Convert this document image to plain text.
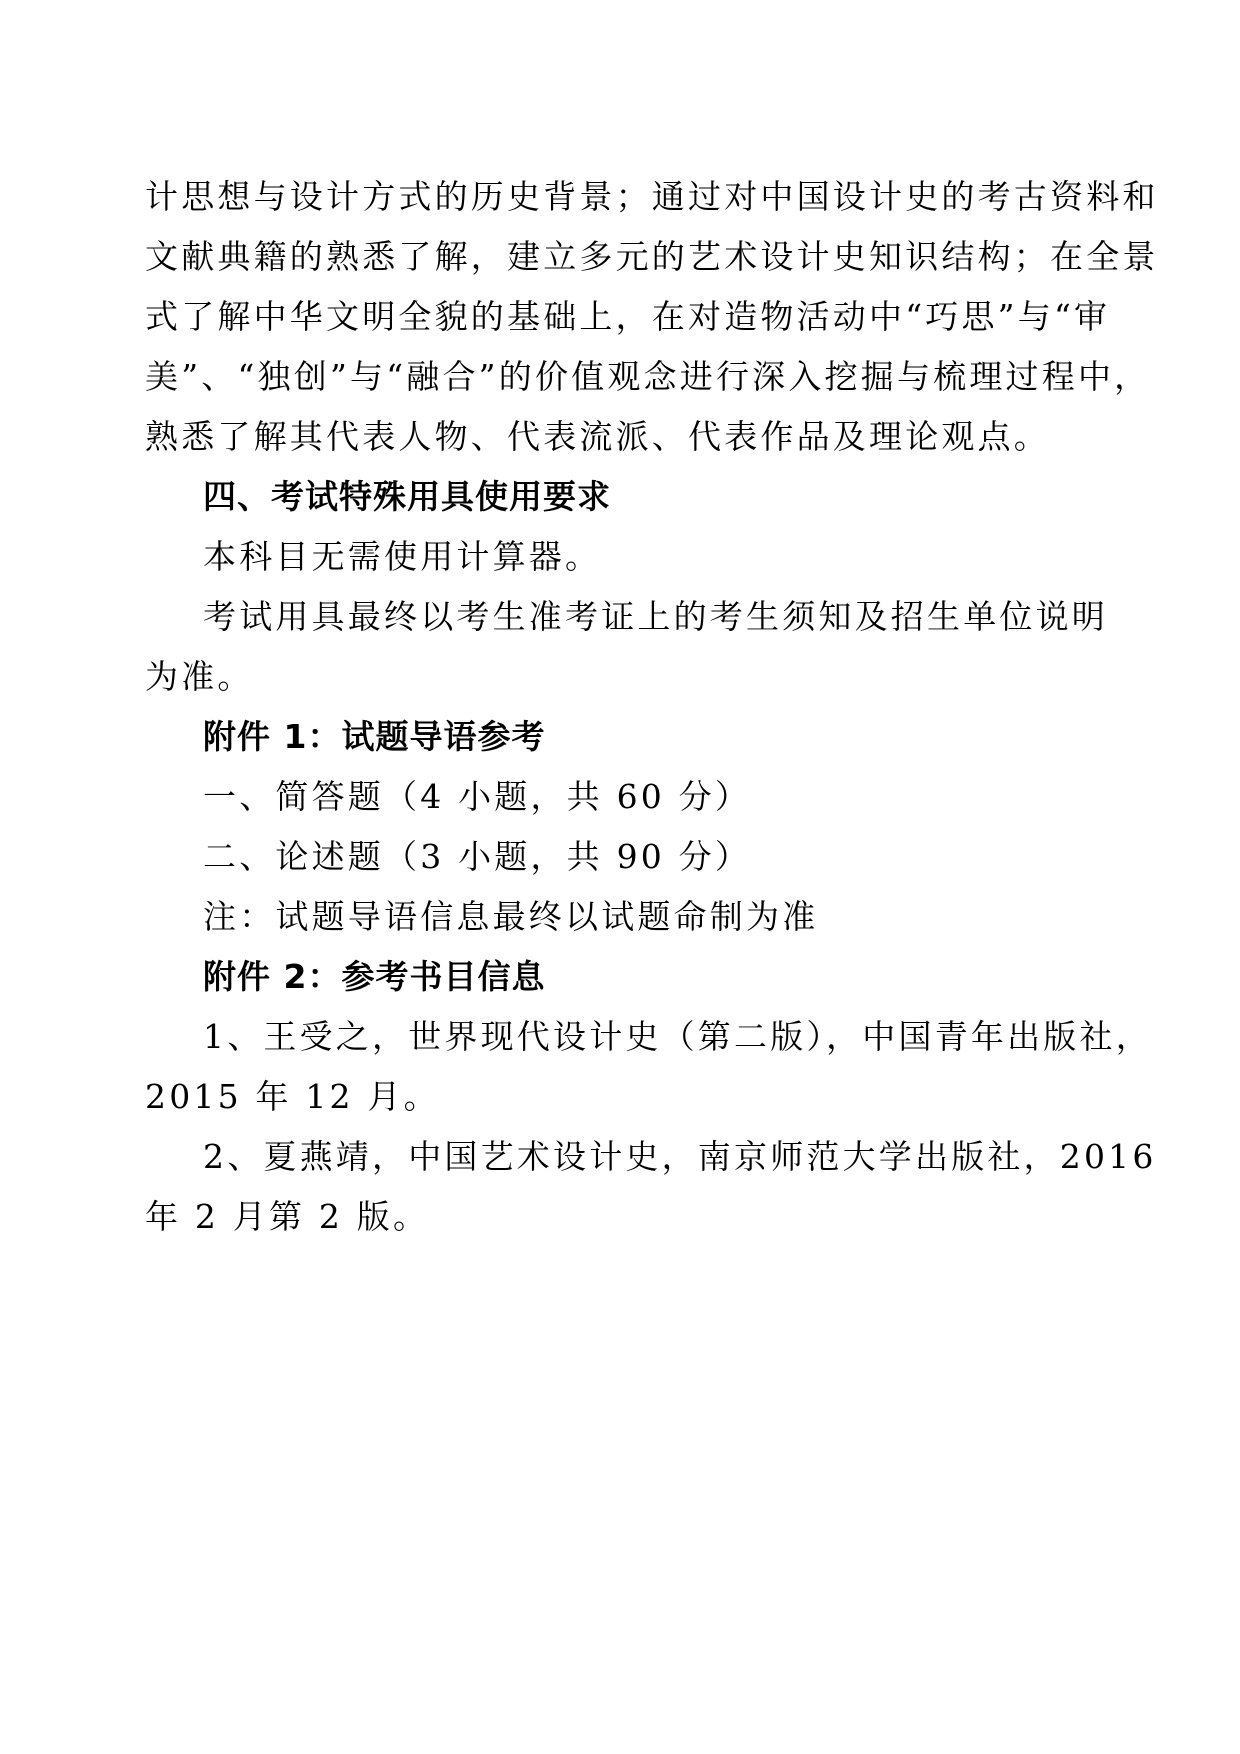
计思想与设计方式的历史背景；通过对中国设计史的考古资料和
文献典籍的熟悉了解，建立多元的艺术设计史知识结构；在全景
式了解中华文明全貌的基础上，在对造物活动中“巧思”与“审
美”、“独创”与“融合”的价值观念进行深入挖掘与梳理过程中，
熟悉了解其代表人物、代表流派、代表作品及理论观点。
四、考试特殊用具使用要求
本科目无需使用计算器。
考试用具最终以考生准考证上的考生须知及招生单位说明
为准。
附件 1：试题导语参考
一、简答题（4 小题，共 60 分）
二、论述题（3 小题，共 90 分）
注：试题导语信息最终以试题命制为准
附件 2：参考书目信息
1、王受之，世界现代设计史（第二版），中国青年出版社，
2015 年 12 月。
2、夏燕靖，中国艺术设计史，南京师范大学出版社，2016
年 2 月第 2 版。
